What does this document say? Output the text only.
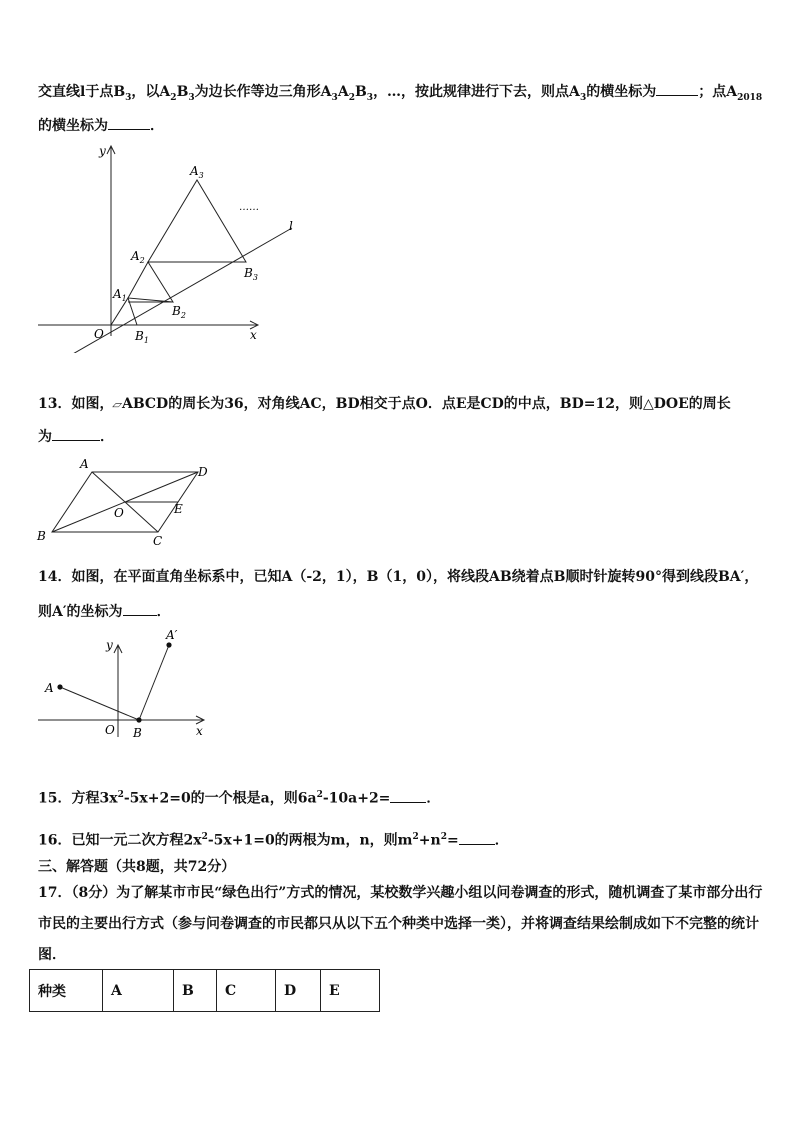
交直线l于点$B_3$，以$A_2B_3$为边长作等边三角形$A_3A_2B_3$，…，按此规律进行下去，则点$A_3$的横坐标为	；点$A_{2018}$
的横坐标为	．
y
x
O
l
……
$A_1$
$A_2$
$A_3$
$B_1$
$B_2$
$B_3$
13．如图，▱ABCD的周长为36，对角线AC，BD相交于点O．点E是CD的中点，BD=12，则△DOE的周长
为	．
A
D
B	C
O	E
14．如图，在平面直角坐标系中，已知A（-2，1），B（1，0），将线段AB绕着点B顺时针旋转90°得到线段BA′，
则A′的坐标为 ．
A
A′
B
O
y
x
15．方程$3x^2-5x+2=0$的一个根是a，则$6a^2-10a+2=$	．
16．已知一元二次方程$2x^2-5x+1=0$的两根为m，n，则$m^2+n^2=$	．
三、解答题（共8题，共72分）
17．（8分）为了解某市市民“绿色出行”方式的情况，某校数学兴趣小组以问卷调查的形式，随机调查了某市部分出行
市民的主要出行方式（参与问卷调查的市民都只从以下五个种类中选择一类），并将调查结果绘制成如下不完整的统计
图．
种类	A	B	C	D	E
